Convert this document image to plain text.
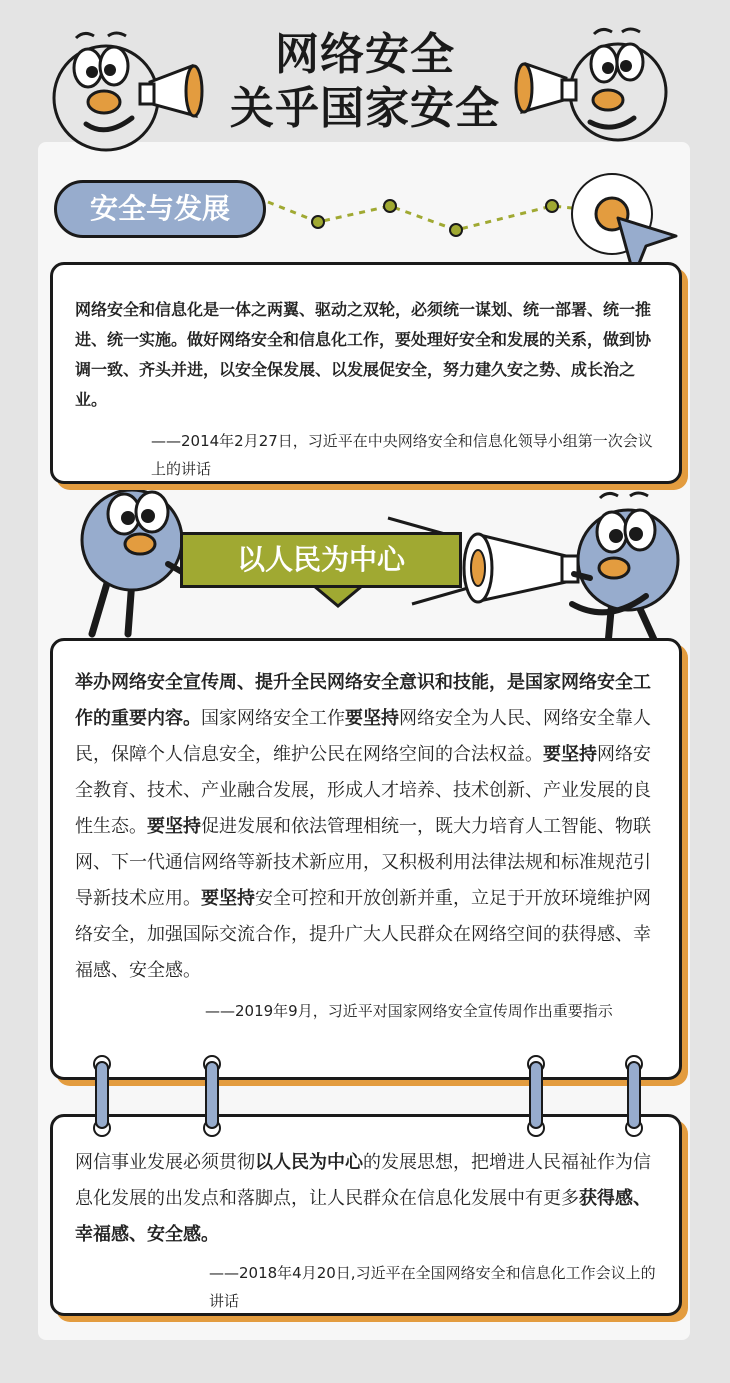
网络安全
关乎国家安全
安全与发展

网络安全和信息化是一体之两翼、驱动之双轮，必须统一谋划、统一部署、统一推进、统一实施。做好网络安全和信息化工作，要处理好安全和发展的关系，做到协调一致、齐头并进，以安全保发展、以发展促安全，努力建久安之势、成长治之业。

——2014年2月27日，习近平在中央网络安全和信息化领导小组第一次会议上的讲话

以人民为中心

举办网络安全宣传周、提升全民网络安全意识和技能，是国家网络安全工作的重要内容。国家网络安全工作要坚持网络安全为人民、网络安全靠人民，保障个人信息安全，维护公民在网络空间的合法权益。要坚持网络安全教育、技术、产业融合发展，形成人才培养、技术创新、产业发展的良性生态。要坚持促进发展和依法管理相统一，既大力培育人工智能、物联网、下一代通信网络等新技术新应用，又积极利用法律法规和标准规范引导新技术应用。要坚持安全可控和开放创新并重，立足于开放环境维护网络安全，加强国际交流合作，提升广大人民群众在网络空间的获得感、幸福感、安全感。

——2019年9月，习近平对国家网络安全宣传周作出重要指示

网信事业发展必须贯彻以人民为中心的发展思想，把增进人民福祉作为信息化发展的出发点和落脚点，让人民群众在信息化发展中有更多获得感、幸福感、安全感。

——2018年4月20日,习近平在全国网络安全和信息化工作会议上的讲话
